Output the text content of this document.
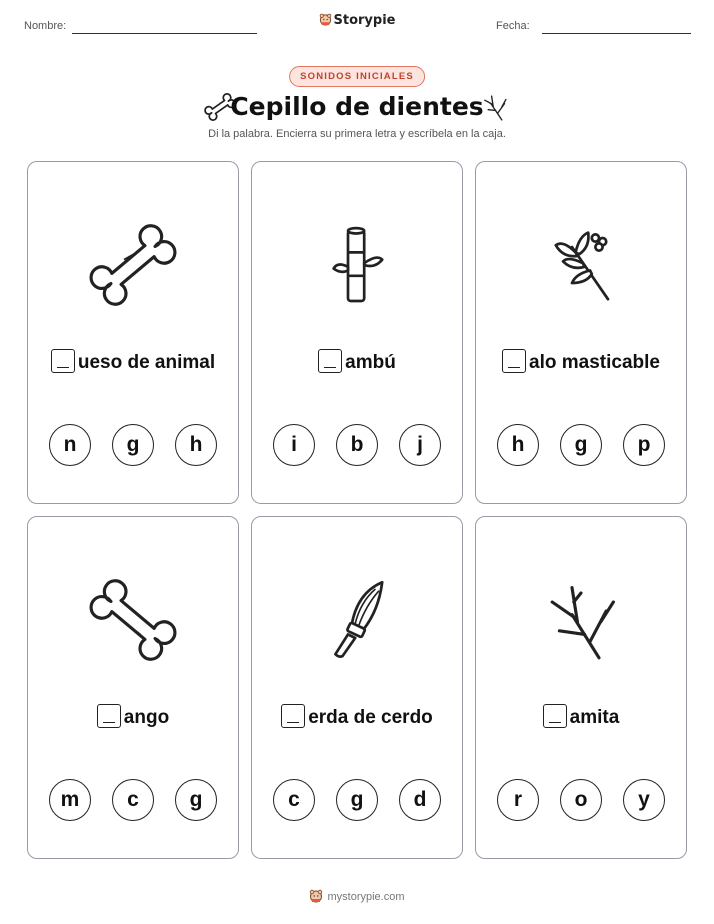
Nombre:	Storypie	Fecha:
SONIDOS INICIALES
Cepillo de dientes
Di la palabra. Encierra su primera letra y escríbela en la caja.
ueso de animal
n	g	h
ambú
i	b	j
alo masticable
h	g	p
ango
m	c	g
erda de cerdo
c	g	d
amita
r	o	y
mystorypie.com
